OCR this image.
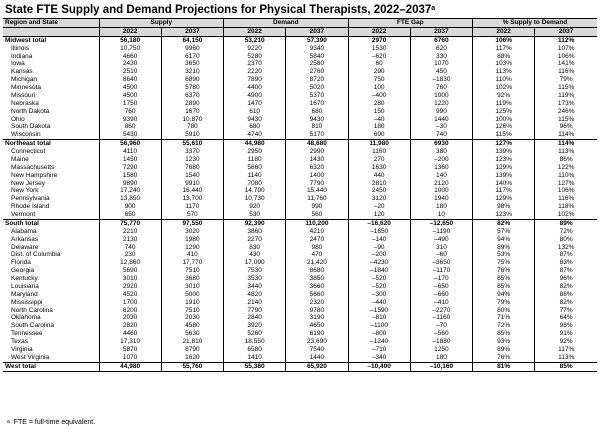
State FTE Supply and Demand Projections for Physical Therapists, 2022–2037$^a$
Region and State	Supply		Demand		FTE Gap		% Supply to Demand	
	2022	2037	2022	2037	2022	2037	2022	2037
Midwest total	56,180	64,150	53,210	57,390	2970	6760	106%	112%
Illinois	10,750	9960	9220	9340	1530	620	117%	107%
Indiana	4660	6170	5280	5840	–620	330	88%	106%
Iowa	2430	3650	2370	2580	60	1070	103%	141%
Kansas	2510	3210	2220	2760	290	450	113%	116%
Michigan	8640	6890	7890	8720	750	–1830	110%	79%
Minnesota	4500	5780	4400	5020	100	760	102%	115%
Missouri	4500	6370	4900	5370	–400	1000	92%	119%
Nebraska	1750	2890	1470	1670	280	1220	119%	173%
North Dakota	760	1670	610	680	150	990	125%	246%
Ohio	9390	10,870	9430	9430	–40	1440	100%	115%
South Dakota	860	780	680	810	180	–30	126%	96%
Wisconsin	5430	5910	4740	5170	690	740	115%	114%
Northeast total	56,960	55,610	44,980	48,680	11,980	6930	127%	114%
Connecticut	4110	3370	2950	2990	1160	380	139%	113%
Maine	1450	1230	1180	1430	270	–200	123%	86%
Massachusetts	7290	7680	5660	6320	1630	1360	129%	122%
New Hampshire	1580	1540	1140	1400	440	140	139%	110%
New Jersey	9890	9910	7080	7790	2810	2120	140%	127%
New York	17,240	16,440	14,790	15,440	2450	1000	117%	106%
Pennsylvania	13,850	13,700	10,730	11,760	3120	1940	129%	116%
Rhode Island	900	1170	920	990	–20	180	98%	118%
Vermont	650	570	530	560	120	10	123%	102%
South total	75,770	97,550	92,390	110,200	–16,620	–12,650	82%	89%
Alabama	2210	3020	3860	4210	–1650	–1190	57%	72%
Arkansas	2130	1980	2270	2470	–140	–490	94%	80%
Delaware	740	1290	830	980	–90	310	89%	132%
Dist. of Columbia	230	410	430	470	–200	–60	53%	87%
Florida	12,860	17,770	17,090	21,420	–4230	–3650	75%	83%
Georgia	5690	7510	7530	8680	–1840	–1170	76%	87%
Kentucky	3010	3680	3530	3850	–520	–170	85%	96%
Louisiana	2920	3010	3440	3660	–520	–650	85%	82%
Maryland	4520	5000	4820	5660	–300	–660	94%	88%
Mississippi	1700	1910	2140	2320	–440	–410	79%	82%
North Carolina	6200	7510	7790	9780	–1590	–2270	80%	77%
Oklahoma	2030	2030	2840	3190	–810	–1160	71%	64%
South Carolina	2820	4580	3920	4650	–1100	–70	72%	98%
Tennessee	4460	5630	5260	6190	–800	–560	85%	91%
Texas	17,310	21,810	18,550	23,690	–1240	–1880	93%	92%
Virginia	5870	8790	6580	7540	–710	1250	89%	117%
West Virginia	1070	1620	1410	1440	–340	180	76%	113%
West total	44,980	55,760	55,380	65,920	–10,400	–10,160	81%	85%
$^a$ FTE = full-time equivalent.
